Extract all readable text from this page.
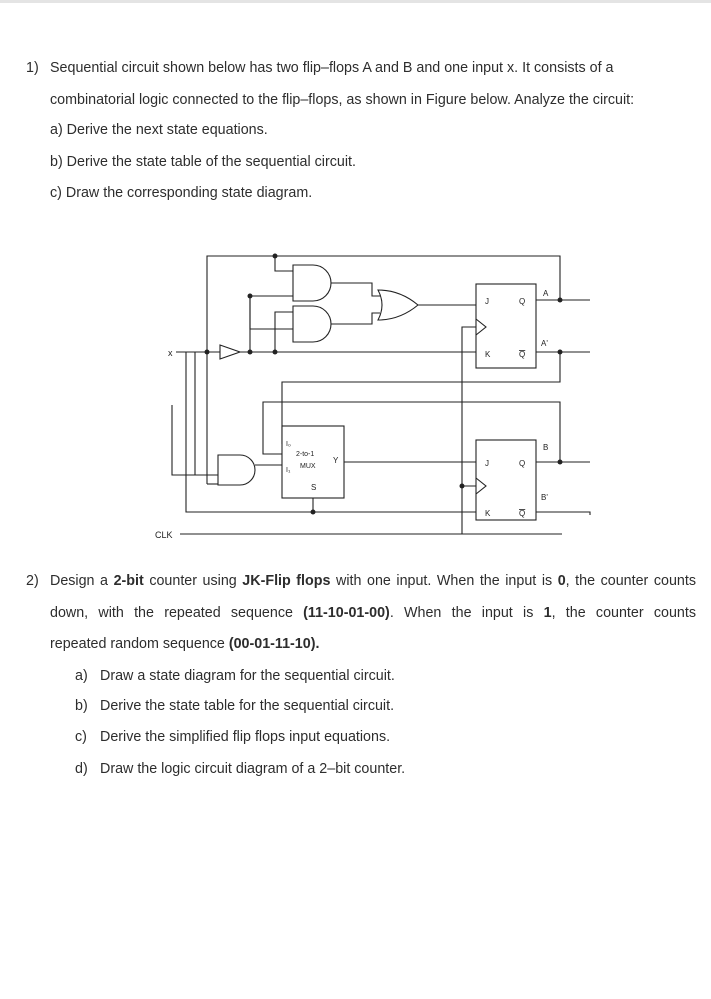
1) Sequential circuit shown below has two flip–flops A and B and one input x. It consists of a
combinatorial logic connected to the flip–flops, as shown in Figure below. Analyze the circuit:
a) Derive the next state equations.
b) Derive the state table of the sequential circuit.
c) Draw the corresponding state diagram.
x
CLK
J
K
Q
Q
A
A'
J
K
Q
Q
B
B'
I₀
2-to-1
I₁
MUX
Y
S
2) Design a 2-bit counter using JK-Flip flops with one input. When the input is 0, the counter counts
down, with the repeated sequence (11-10-01-00). When the input is 1, the counter counts
repeated random sequence (00-01-11-10).
a) Draw a state diagram for the sequential circuit.
b) Derive the state table for the sequential circuit.
c) Derive the simplified flip flops input equations.
d) Draw the logic circuit diagram of a 2–bit counter.
